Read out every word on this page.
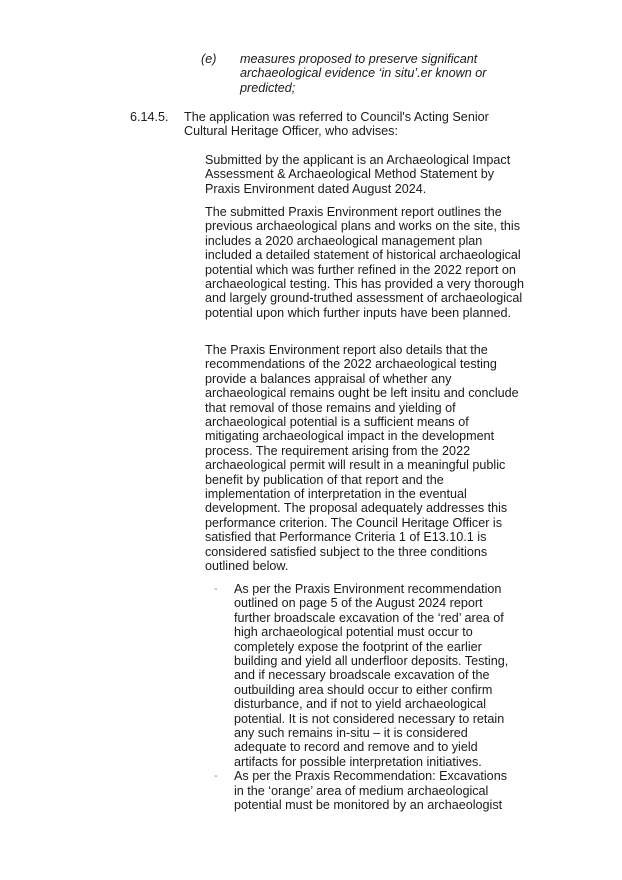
(e) measures proposed to preserve significant archaeological evidence ‘in situ’.er known or predicted;
6.14.5. The application was referred to Council's Acting Senior Cultural Heritage Officer, who advises:
Submitted by the applicant is an Archaeological Impact Assessment & Archaeological Method Statement by Praxis Environment dated August 2024.
The submitted Praxis Environment report outlines the previous archaeological plans and works on the site, this includes a 2020 archaeological management plan included a detailed statement of historical archaeological potential which was further refined in the 2022 report on archaeological testing. This has provided a very thorough and largely ground-truthed assessment of archaeological potential upon which further inputs have been planned.
The Praxis Environment report also details that the recommendations of the 2022 archaeological testing provide a balances appraisal of whether any archaeological remains ought be left insitu and conclude that removal of those remains and yielding of archaeological potential is a sufficient means of mitigating archaeological impact in the development process. The requirement arising from the 2022 archaeological permit will result in a meaningful public benefit by publication of that report and the implementation of interpretation in the eventual development. The proposal adequately addresses this performance criterion. The Council Heritage Officer is satisfied that Performance Criteria 1 of E13.10.1 is considered satisfied subject to the three conditions outlined below.
- As per the Praxis Environment recommendation outlined on page 5 of the August 2024 report further broadscale excavation of the ‘red’ area of high archaeological potential must occur to completely expose the footprint of the earlier building and yield all underfloor deposits. Testing, and if necessary broadscale excavation of the outbuilding area should occur to either confirm disturbance, and if not to yield archaeological potential. It is not considered necessary to retain any such remains in-situ – it is considered adequate to record and remove and to yield artifacts for possible interpretation initiatives.
- As per the Praxis Recommendation: Excavations in the ‘orange’ area of medium archaeological potential must be monitored by an archaeologist
